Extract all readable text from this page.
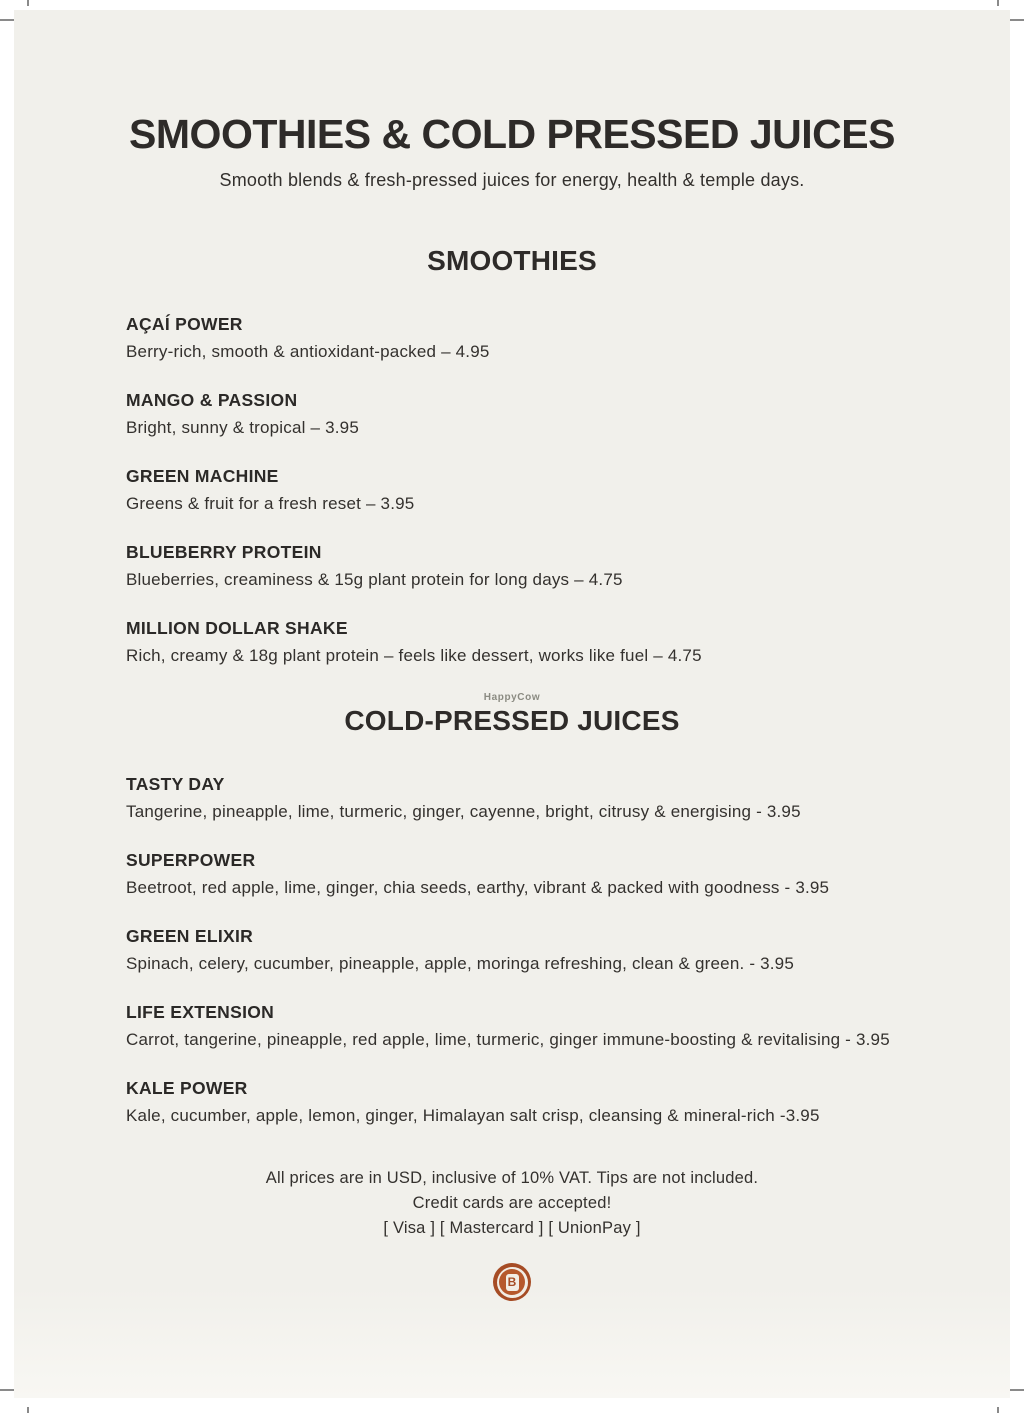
SMOOTHIES & COLD PRESSED JUICES

Smooth blends & fresh-pressed juices for energy, health & temple days.

SMOOTHIES
AÇAÍ POWER
Berry-rich, smooth & antioxidant-packed – 4.95
MANGO & PASSION
Bright, sunny & tropical – 3.95
GREEN MACHINE
Greens & fruit for a fresh reset – 3.95
BLUEBERRY PROTEIN
Blueberries, creaminess & 15g plant protein for long days – 4.75
MILLION DOLLAR SHAKE
Rich, creamy & 18g plant protein – feels like dessert, works like fuel – 4.75
HappyCow
COLD-PRESSED JUICES
TASTY DAY
Tangerine, pineapple, lime, turmeric, ginger, cayenne, bright, citrusy & energising - 3.95
SUPERPOWER
Beetroot, red apple, lime, ginger, chia seeds, earthy, vibrant & packed with goodness - 3.95
GREEN ELIXIR
Spinach, celery, cucumber, pineapple, apple, moringa refreshing, clean & green. - 3.95
LIFE EXTENSION
Carrot, tangerine, pineapple, red apple, lime, turmeric, ginger immune-boosting & revitalising - 3.95
KALE POWER
Kale, cucumber, apple, lemon, ginger, Himalayan salt crisp, cleansing & mineral-rich -3.95
All prices are in USD, inclusive of 10% VAT. Tips are not included.
Credit cards are accepted!
[ Visa ] [ Mastercard ] [ UnionPay ]
B
